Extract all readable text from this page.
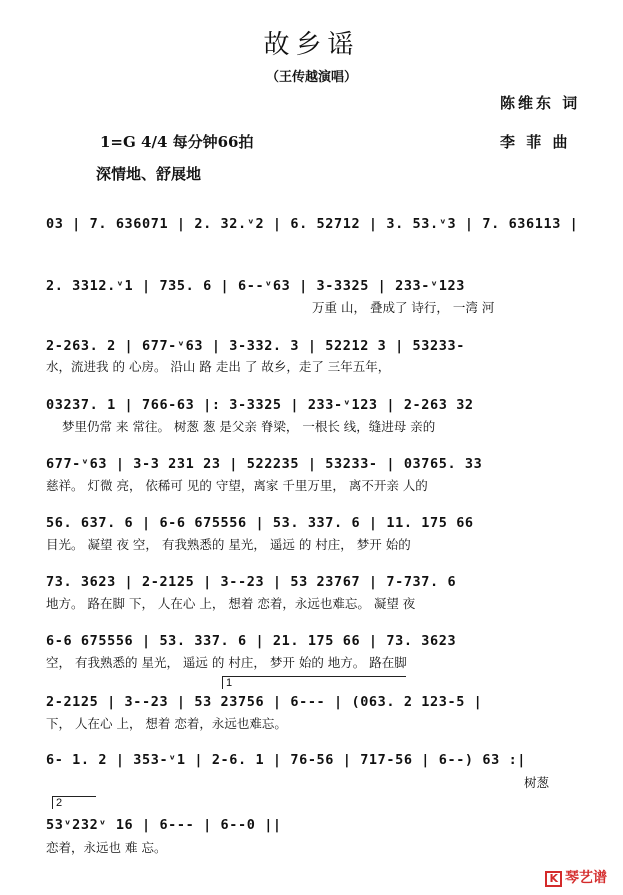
故乡谣
（王传越演唱）
陈维东 词
1=G 4/4 每分钟66拍	李 菲 曲
深情地、舒展地
03 | 7. 636071 | 2. 32.ᵛ2 | 6. 52712 | 3. 53.ᵛ3 | 7. 636113 |
2. 3312.ᵛ1 | 735. 6 | 6--ᵛ63 | 3-3325 | 233-ᵛ123
万重 山， 叠成了 诗行， 一湾 河
2-263. 2 | 677-ᵛ63 | 3-332. 3 | 52212 3 | 53233-
水，流进我 的 心房。 沿山 路 走出 了 故乡，走了 三年五年，
03237. 1 | 766-63 |: 3-3325 | 233-ᵛ123 | 2-263 32
梦里仍常 来 常往。 树葱 葱 是父亲 脊梁， 一根长 线，缝进母 亲的
677-ᵛ63 | 3-3 231 23 | 522235 | 53233- | 03765. 33
慈祥。 灯微 亮， 依稀可 见的 守望，离家 千里万里， 离不开亲 人的
56. 637. 6 | 6-6 675556 | 53. 337. 6 | 11. 175 66
目光。 凝望 夜 空， 有我熟悉的 星光， 遥远 的 村庄， 梦开 始的
73. 3623 | 2-2125 | 3--23 | 53 23767 | 7-737. 6
地方。 路在脚 下， 人在心 上， 想着 恋着，永远也难忘。 凝望 夜
6-6 675556 | 53. 337. 6 | 21. 175 66 | 73. 3623
空， 有我熟悉的 星光， 遥远 的 村庄， 梦开 始的 地方。 路在脚
1
2-2125 | 3--23 | 53 23756 | 6--- | (063. 2 123-5 |
下， 人在心 上， 想着 恋着，永远也难忘。
6- 1. 2 | 353-ᵛ1 | 2-6. 1 | 76-56 | 717-56 | 6--) 63 :|
树葱
2
53ᵛ232ᵛ 16 | 6--- | 6--0 ||
恋着，永远也 难 忘。
K 琴艺谱
